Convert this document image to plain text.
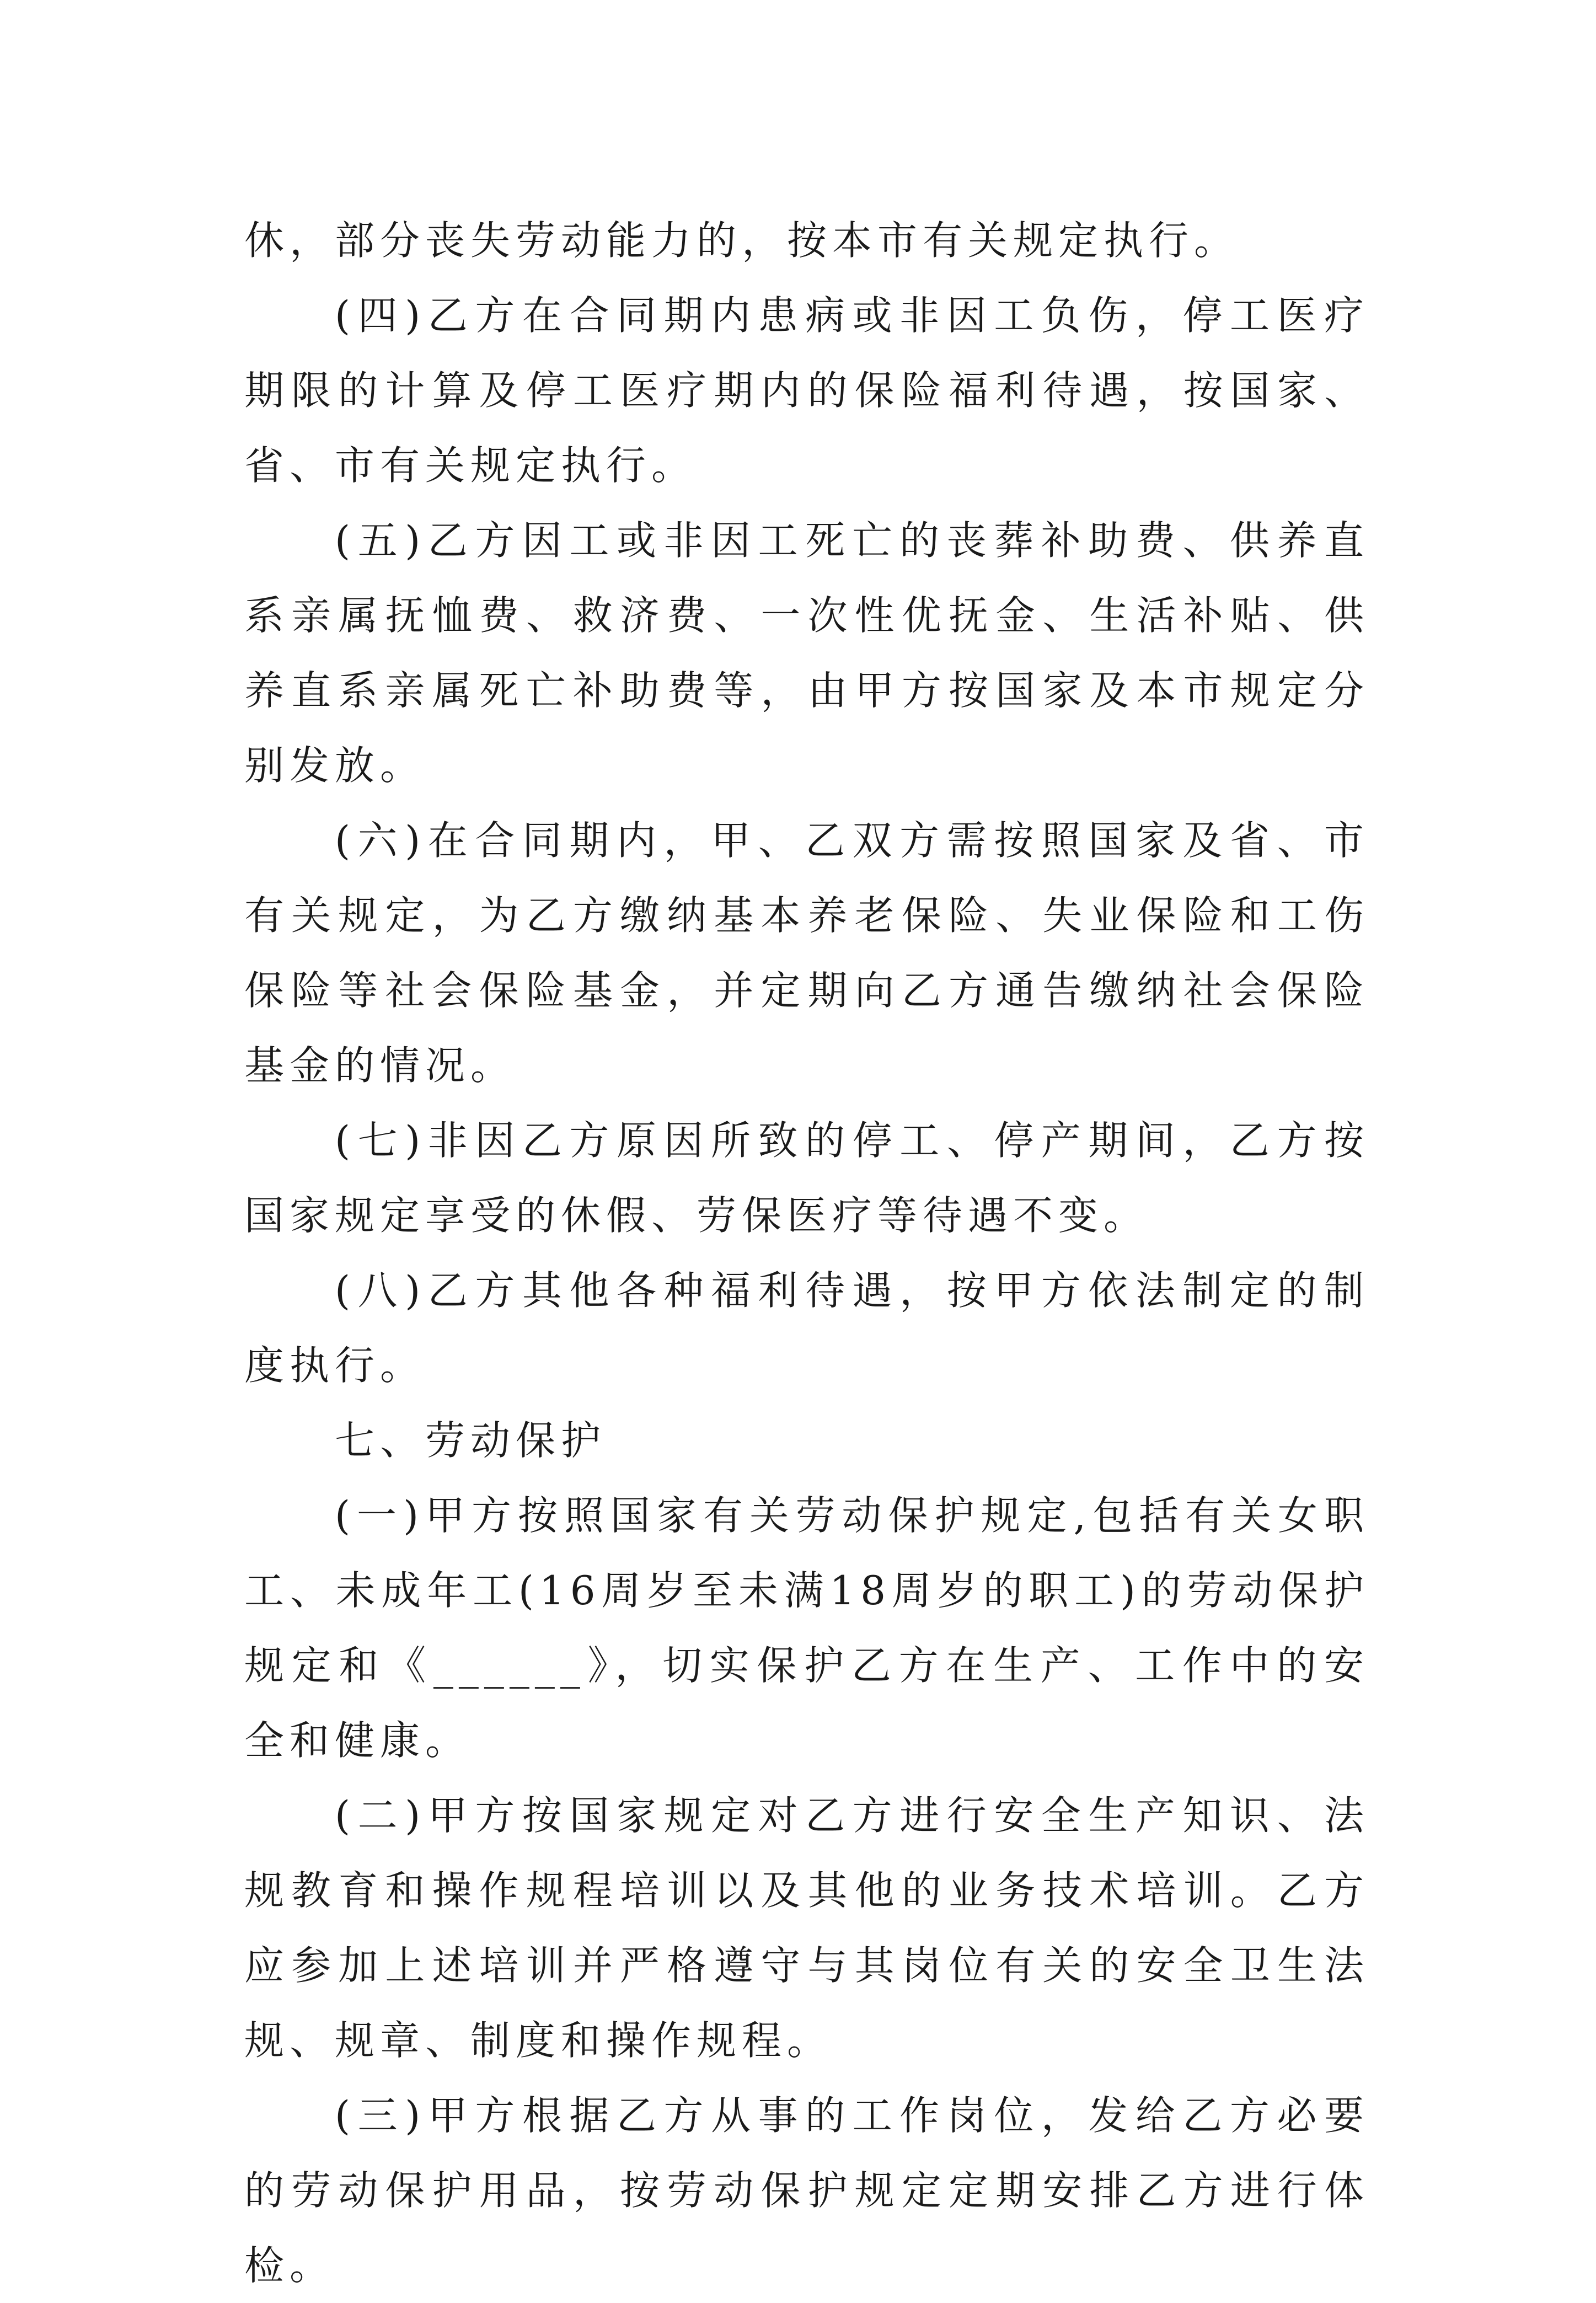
休，部分丧失劳动能力的，按本市有关规定执行。

(四)乙方在合同期内患病或非因工负伤，停工医疗期限的计算及停工医疗期内的保险福利待遇，按国家、省、市有关规定执行。

(五)乙方因工或非因工死亡的丧葬补助费、供养直系亲属抚恤费、救济费、一次性优抚金、生活补贴、供养直系亲属死亡补助费等，由甲方按国家及本市规定分别发放。

(六)在合同期内，甲、乙双方需按照国家及省、市有关规定，为乙方缴纳基本养老保险、失业保险和工伤保险等社会保险基金，并定期向乙方通告缴纳社会保险基金的情况。

(七)非因乙方原因所致的停工、停产期间，乙方按国家规定享受的休假、劳保医疗等待遇不变。

(八)乙方其他各种福利待遇，按甲方依法制定的制度执行。

七、劳动保护

(一)甲方按照国家有关劳动保护规定,包括有关女职工、未成年工(16周岁至未满18周岁的职工)的劳动保护规定和《______》，切实保护乙方在生产、工作中的安全和健康。

(二)甲方按国家规定对乙方进行安全生产知识、法规教育和操作规程培训以及其他的业务技术培训。乙方应参加上述培训并严格遵守与其岗位有关的安全卫生法规、规章、制度和操作规程。

(三)甲方根据乙方从事的工作岗位，发给乙方必要的劳动保护用品，按劳动保护规定定期安排乙方进行体检。
